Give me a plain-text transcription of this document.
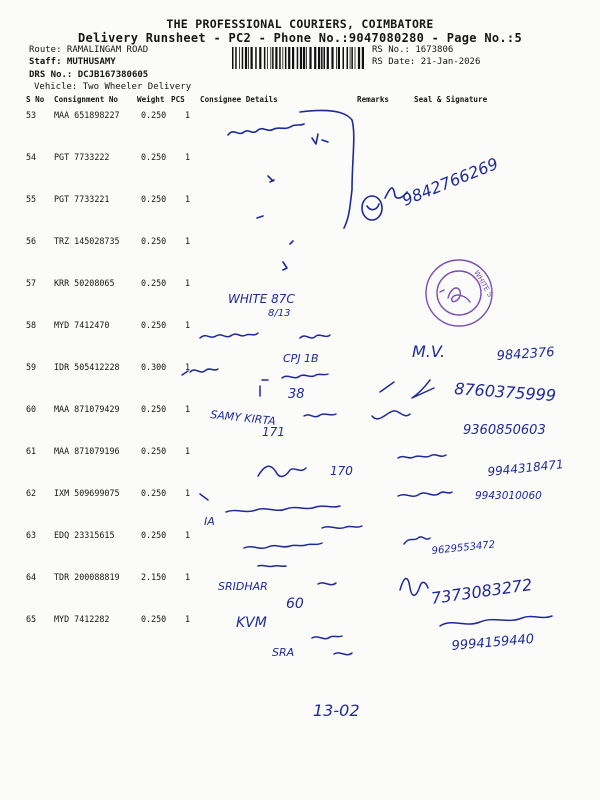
THE PROFESSIONAL COURIERS, COIMBATORE
Delivery Runsheet - PC2 - Phone No.:9047080280 - Page No.:5
Route: RAMALINGAM ROAD
Staff: MUTHUSAMY
DRS No.: DCJB167380605
Vehicle: Two Wheeler Delivery
RS No.: 1673806
RS Date: 21-Jan-2026
S No Consignment No Weight PCS Consignee Details	Remarks	Seal & Signature
53 MAA 651898227	0.250 1
54 PGT 7733222	0.250 1
55 PGT 7733221	0.250 1
56 TRZ 145028735	0.250 1
57 KRR 50208065	0.250 1
58 MYD 7412470	0.250 1
59 IDR 505412228	0.300 1
60 MAA 871079429	0.250 1
61 MAA 871079196	0.250 1
62 IXM 509699075	0.250 1
63 EDQ 23315615	0.250 1
64 TDR 200088819	2.150 1
65 MYD 7412282	0.250 1
9842766269
WHITE 87C
8/13
9842376
M.V.
CPJ 1B
38	8760375999
SAMY KIRTA
171	9360850603
170	9944318471
9943010060
IA
9629553472
SRIDHAR
60	7373083272
KVM
9994159440
SRA
13-02
WHITE S
